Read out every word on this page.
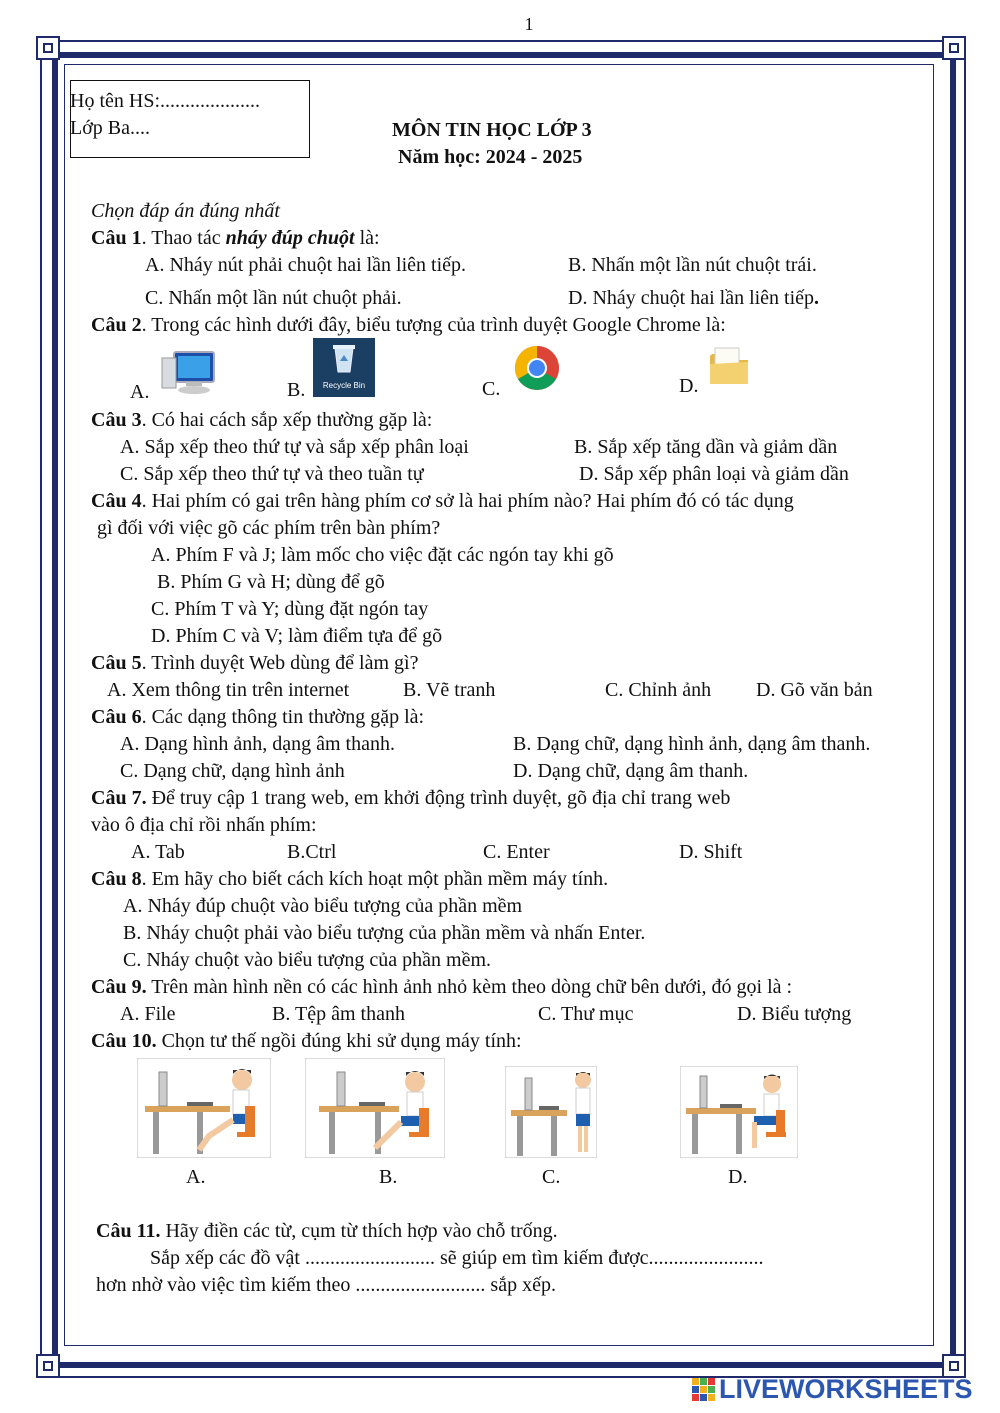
1
Họ tên HS:....................
Lớp Ba....	MÔN TIN HỌC LỚP 3
Năm học: 2024 - 2025
Chọn đáp án đúng nhất
Câu 1. Thao tác nháy đúp chuột là:
A. Nháy nút phải chuột hai lần liên tiếp.	B. Nhấn một lần nút chuột trái.
C. Nhấn một lần nút chuột phải.	D. Nháy chuột hai lần liên tiếp.
Câu 2. Trong các hình dưới đây, biểu tượng của trình duyệt Google Chrome là:
A.	B.	Recycle Bin	C.	D.
Câu 3. Có hai cách sắp xếp thường gặp là:
A. Sắp xếp theo thứ tự và sắp xếp phân loại	B. Sắp xếp tăng dần và giảm dần
C. Sắp xếp theo thứ tự và theo tuần tự	D. Sắp xếp phân loại và giảm dần
Câu 4. Hai phím có gai trên hàng phím cơ sở là hai phím nào? Hai phím đó có tác dụng
gì đối với việc gõ các phím trên bàn phím?
A. Phím F và J; làm mốc cho việc đặt các ngón tay khi gõ
B. Phím G và H; dùng để gõ
C. Phím T và Y; dùng đặt ngón tay
D. Phím C và V; làm điểm tựa để gõ
Câu 5. Trình duyệt Web dùng để làm gì?
A. Xem thông tin trên internet	B. Vẽ tranh	C. Chỉnh ảnh D. Gõ văn bản
Câu 6. Các dạng thông tin thường gặp là:
A. Dạng hình ảnh, dạng âm thanh.	B. Dạng chữ, dạng hình ảnh, dạng âm thanh.
C. Dạng chữ, dạng hình ảnh	D. Dạng chữ, dạng âm thanh.
Câu 7. Để truy cập 1 trang web, em khởi động trình duyệt, gõ địa chỉ trang web
vào ô địa chỉ rồi nhấn phím:
A. Tab	B.Ctrl	C. Enter	D. Shift
Câu 8. Em hãy cho biết cách kích hoạt một phần mềm máy tính.
A. Nháy đúp chuột vào biểu tượng của phần mềm
B. Nháy chuột phải vào biểu tượng của phần mềm và nhấn Enter.
C. Nháy chuột vào biểu tượng của phần mềm.
Câu 9. Trên màn hình nền có các hình ảnh nhỏ kèm theo dòng chữ bên dưới, đó gọi là :
A. File	B. Tệp âm thanh	C. Thư mục	D. Biểu tượng
Câu 10. Chọn tư thế ngồi đúng khi sử dụng máy tính:
A.	B.	C.	D.
Câu 11. Hãy điền các từ, cụm từ thích hợp vào chỗ trống.
Sắp xếp các đồ vật .......................... sẽ giúp em tìm kiếm được.......................
hơn nhờ vào việc tìm kiếm theo .......................... sắp xếp.
LIVEWORKSHEETS
